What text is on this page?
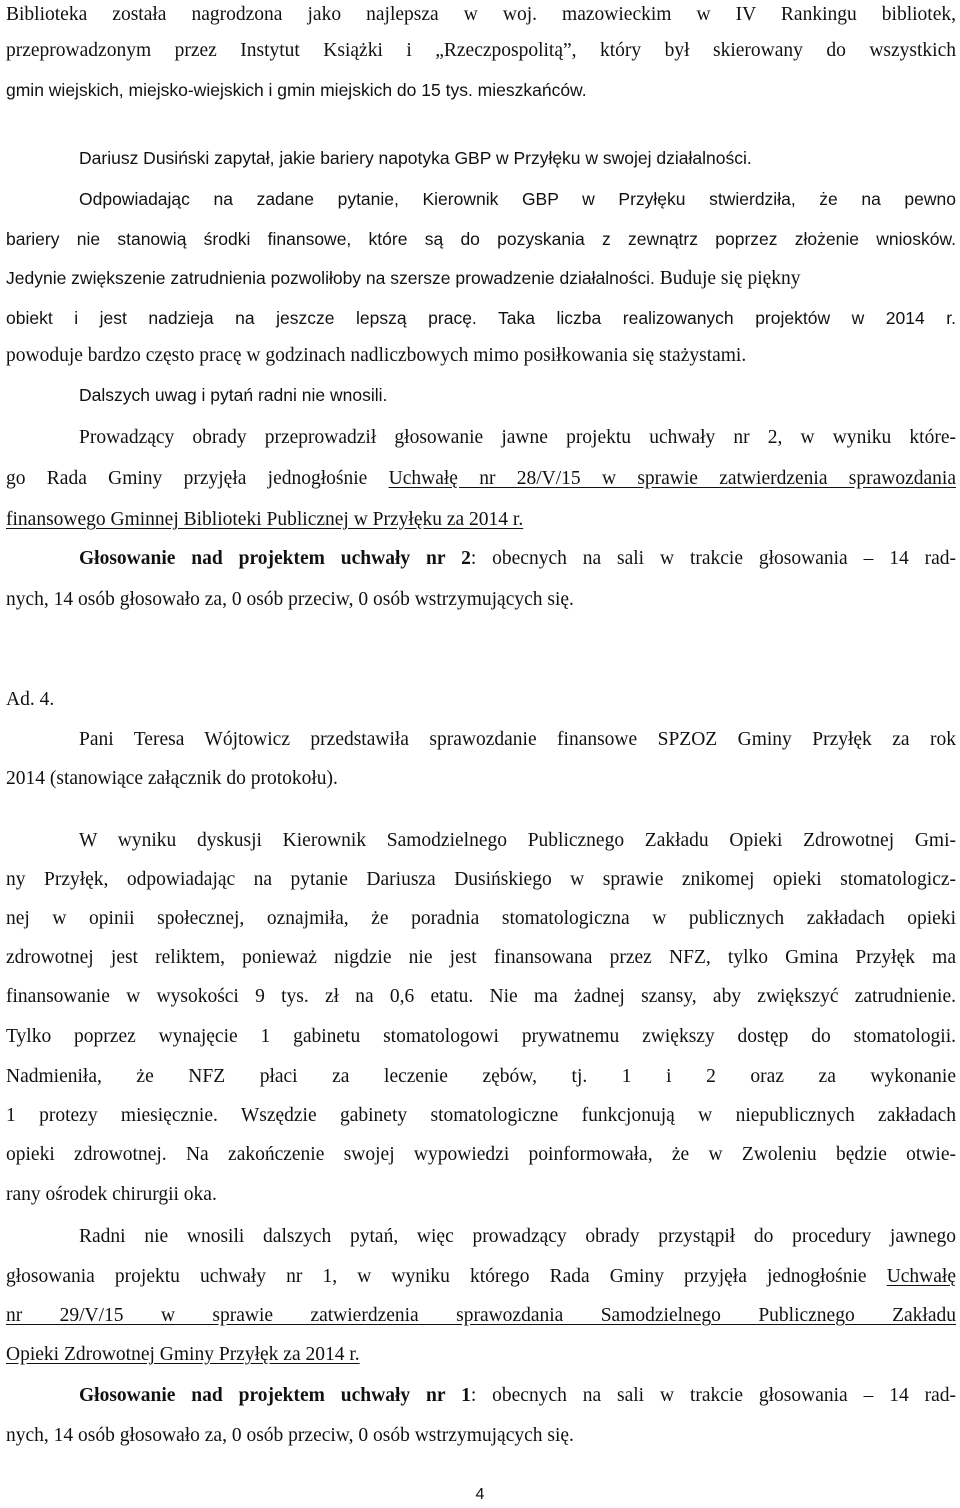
Biblioteka została nagrodzona jako najlepsza w woj. mazowieckim w IV Rankingu bibliotek,
przeprowadzonym przez Instytut Książki i „Rzeczpospolitą”, który był skierowany do wszystkich
gmin wiejskich, miejsko-wiejskich i gmin miejskich do 15 tys. mieszkańców.
Dariusz Dusiński zapytał, jakie bariery napotyka GBP w Przyłęku w swojej działalności.
Odpowiadając na zadane pytanie, Kierownik GBP w Przyłęku stwierdziła, że na pewno
bariery nie stanowią środki finansowe, które są do pozyskania z zewnątrz poprzez złożenie wniosków.
Jedynie zwiększenie zatrudnienia pozwoliłoby na szersze prowadzenie działalności. Buduje się piękny
obiekt i jest nadzieja na jeszcze lepszą pracę. Taka liczba realizowanych projektów w 2014 r.
powoduje bardzo często pracę w godzinach nadliczbowych mimo posiłkowania się stażystami.
Dalszych uwag i pytań radni nie wnosili.
Prowadzący obrady przeprowadził głosowanie jawne projektu uchwały nr 2, w wyniku które-
go Rada Gminy przyjęła jednogłośnie Uchwałę nr 28/V/15 w sprawie zatwierdzenia sprawozdania
finansowego Gminnej Biblioteki Publicznej w Przyłęku za 2014 r.
Głosowanie nad projektem uchwały nr 2: obecnych na sali w trakcie głosowania – 14 rad-
nych, 14 osób głosowało za, 0 osób przeciw, 0 osób wstrzymujących się.
Ad. 4.
Pani Teresa Wójtowicz przedstawiła sprawozdanie finansowe SPZOZ Gminy Przyłęk za rok
2014 (stanowiące załącznik do protokołu).
W wyniku dyskusji Kierownik Samodzielnego Publicznego Zakładu Opieki Zdrowotnej Gmi-
ny Przyłęk, odpowiadając na pytanie Dariusza Dusińskiego w sprawie znikomej opieki stomatologicz-
nej w opinii społecznej, oznajmiła, że poradnia stomatologiczna w publicznych zakładach opieki
zdrowotnej jest reliktem, ponieważ nigdzie nie jest finansowana przez NFZ, tylko Gmina Przyłęk ma
finansowanie w wysokości 9 tys. zł na 0,6 etatu. Nie ma żadnej szansy, aby zwiększyć zatrudnienie.
Tylko poprzez wynajęcie 1 gabinetu stomatologowi prywatnemu zwiększy dostęp do stomatologii.
Nadmieniła, że NFZ płaci za leczenie zębów, tj. 1 i 2 oraz za wykonanie
1 protezy miesięcznie. Wszędzie gabinety stomatologiczne funkcjonują w niepublicznych zakładach
opieki zdrowotnej. Na zakończenie swojej wypowiedzi poinformowała, że w Zwoleniu będzie otwie-
rany ośrodek chirurgii oka.
Radni nie wnosili dalszych pytań, więc prowadzący obrady przystąpił do procedury jawnego
głosowania projektu uchwały nr 1, w wyniku którego Rada Gminy przyjęła jednogłośnie Uchwałę
nr 29/V/15 w sprawie zatwierdzenia sprawozdania Samodzielnego Publicznego Zakładu
Opieki Zdrowotnej Gminy Przyłęk za 2014 r.
Głosowanie nad projektem uchwały nr 1: obecnych na sali w trakcie głosowania – 14 rad-
nych, 14 osób głosowało za, 0 osób przeciw, 0 osób wstrzymujących się.
4
